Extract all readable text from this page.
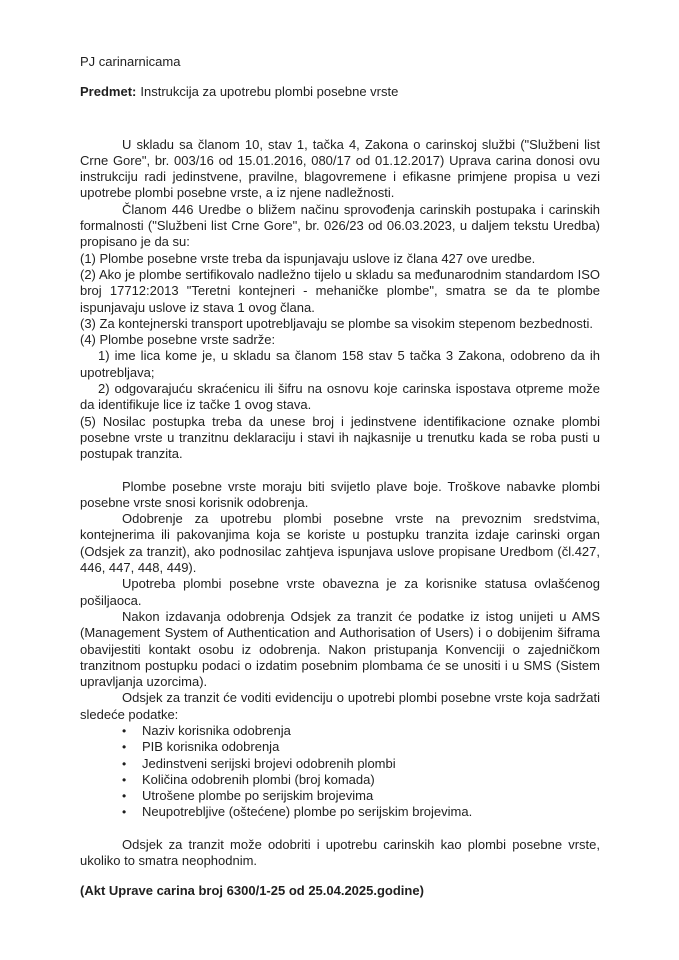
PJ carinarnicama

Predmet: Instrukcija za upotrebu plombi posebne vrste

U skladu sa članom 10, stav 1, tačka 4, Zakona o carinskoj službi ("Službeni list Crne Gore", br. 003/16 od 15.01.2016, 080/17 od 01.12.2017) Uprava carina donosi ovu instrukciju radi jedinstvene, pravilne, blagovremene i efikasne primjene propisa u vezi upotrebe plombi posebne vrste, a iz njene nadležnosti.

Članom 446 Uredbe o bližem načinu sprovođenja carinskih postupaka i carinskih formalnosti ("Službeni list Crne Gore", br. 026/23 od 06.03.2023, u daljem tekstu Uredba) propisano je da su:

(1) Plombe posebne vrste treba da ispunjavaju uslove iz člana 427 ove uredbe.

(2) Ako je plombe sertifikovalo nadležno tijelo u skladu sa međunarodnim standardom ISO broj 17712:2013 "Teretni kontejneri - mehaničke plombe", smatra se da te plombe ispunjavaju uslove iz stava 1 ovog člana.

(3) Za kontejnerski transport upotrebljavaju se plombe sa visokim stepenom bezbednosti.

(4) Plombe posebne vrste sadrže:

1) ime lica kome je, u skladu sa članom 158 stav 5 tačka 3 Zakona, odobreno da ih upotrebljava;

2) odgovarajuću skraćenicu ili šifru na osnovu koje carinska ispostava otpreme može da identifikuje lice iz tačke 1 ovog stava.

(5) Nosilac postupka treba da unese broj i jedinstvene identifikacione oznake plombi posebne vrste u tranzitnu deklaraciju i stavi ih najkasnije u trenutku kada se roba pusti u postupak tranzita.

Plombe posebne vrste moraju biti svijetlo plave boje. Troškove nabavke plombi posebne vrste snosi korisnik odobrenja.

Odobrenje za upotrebu plombi posebne vrste na prevoznim sredstvima, kontejnerima ili pakovanjima koja se koriste u postupku tranzita izdaje carinski organ (Odsjek za tranzit), ako podnosilac zahtjeva ispunjava uslove propisane Uredbom (čl.427, 446, 447, 448, 449).

Upotreba plombi posebne vrste obavezna je za korisnike statusa ovlašćenog pošiljaoca.

Nakon izdavanja odobrenja Odsjek za tranzit će podatke iz istog unijeti u AMS (Management System of Authentication and Authorisation of Users) i o dobijenim šiframa obavijestiti kontakt osobu iz odobrenja. Nakon pristupanja Konvenciji o zajedničkom tranzitnom postupku podaci o izdatim posebnim plombama će se unositi i u SMS (Sistem upravljanja uzorcima).

Odsjek za tranzit će voditi evidenciju o upotrebi plombi posebne vrste koja sadržati sledeće podatke:

•	Naziv korisnika odobrenja
•	PIB korisnika odobrenja
•	Jedinstveni serijski brojevi odobrenih plombi
•	Količina odobrenih plombi (broj komada)
•	Utrošene plombe po serijskim brojevima
•	Neupotrebljive (oštećene) plombe po serijskim brojevima.

Odsjek za tranzit može odobriti i upotrebu carinskih kao plombi posebne vrste, ukoliko to smatra neophodnim.

(Akt Uprave carina broj 6300/1-25 od 25.04.2025.godine)
